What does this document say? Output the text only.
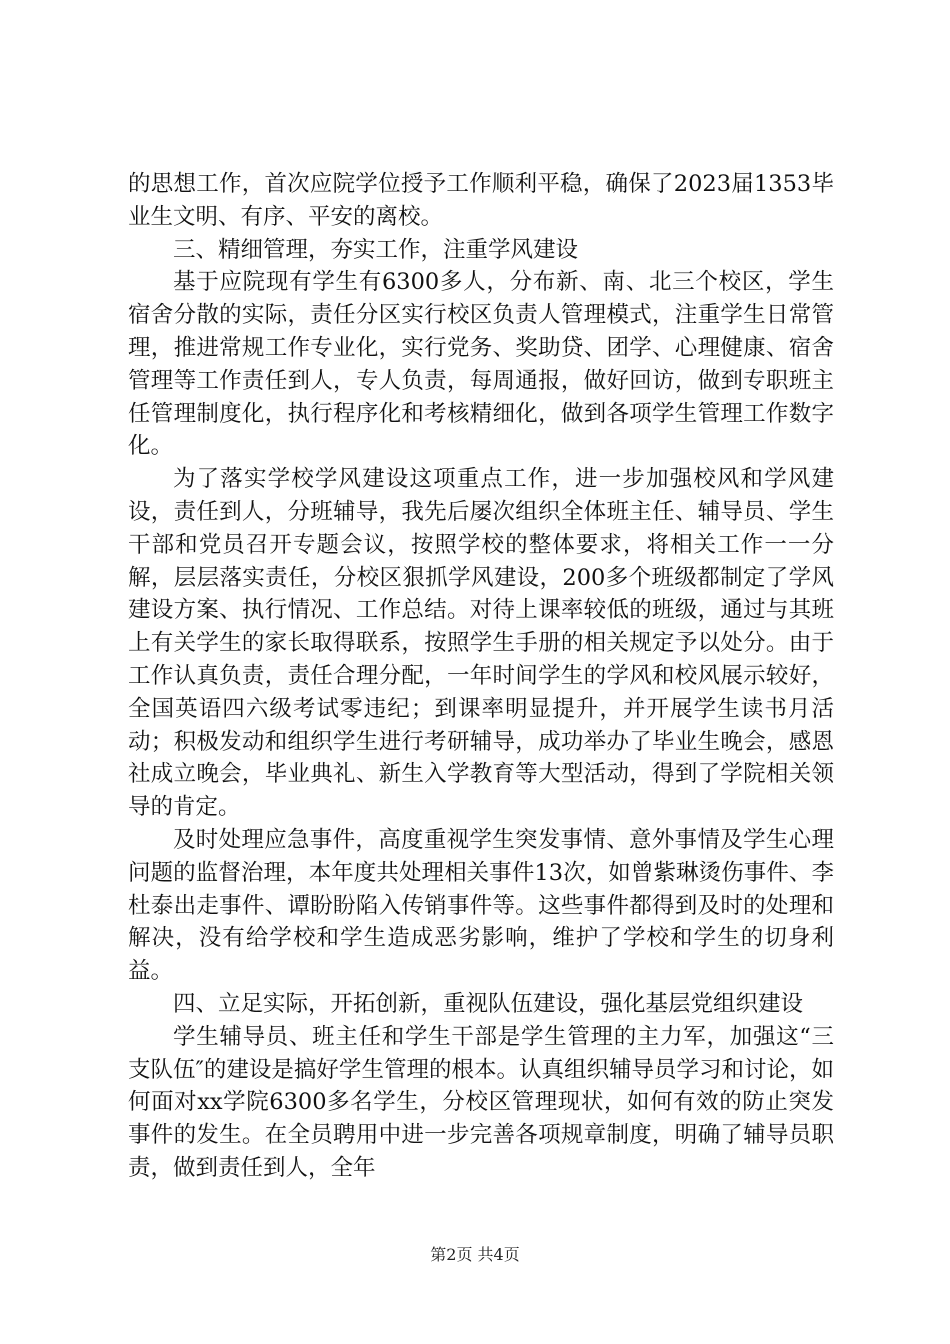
的思想工作，首次应院学位授予工作顺利平稳，确保了2023届1353毕业生文明、有序、平安的离校。

三、精细管理，夯实工作，注重学风建设

基于应院现有学生有6300多人，分布新、南、北三个校区，学生宿舍分散的实际，责任分区实行校区负责人管理模式，注重学生日常管理，推进常规工作专业化，实行党务、奖助贷、团学、心理健康、宿舍管理等工作责任到人，专人负责，每周通报，做好回访，做到专职班主任管理制度化，执行程序化和考核精细化，做到各项学生管理工作数字化。

为了落实学校学风建设这项重点工作，进一步加强校风和学风建设，责任到人，分班辅导，我先后屡次组织全体班主任、辅导员、学生干部和党员召开专题会议，按照学校的整体要求，将相关工作一一分解，层层落实责任，分校区狠抓学风建设，200多个班级都制定了学风建设方案、执行情况、工作总结。对待上课率较低的班级，通过与其班上有关学生的家长取得联系，按照学生手册的相关规定予以处分。由于工作认真负责，责任合理分配，一年时间学生的学风和校风展示较好，全国英语四六级考试零违纪；到课率明显提升，并开展学生读书月活动；积极发动和组织学生进行考研辅导，成功举办了毕业生晚会，感恩社成立晚会，毕业典礼、新生入学教育等大型活动，得到了学院相关领导的肯定。

及时处理应急事件，高度重视学生突发事情、意外事情及学生心理问题的监督治理，本年度共处理相关事件13次，如曾紫琳烫伤事件、李杜泰出走事件、谭盼盼陷入传销事件等。这些事件都得到及时的处理和解决，没有给学校和学生造成恶劣影响，维护了学校和学生的切身利益。

四、立足实际，开拓创新，重视队伍建设，强化基层党组织建设

学生辅导员、班主任和学生干部是学生管理的主力军，加强这“三支队伍″的建设是搞好学生管理的根本。认真组织辅导员学习和讨论，如何面对xx学院6300多名学生，分校区管理现状，如何有效的防止突发事件的发生。在全员聘用中进一步完善各项规章制度，明确了辅导员职责，做到责任到人，全年

第2页 共4页
